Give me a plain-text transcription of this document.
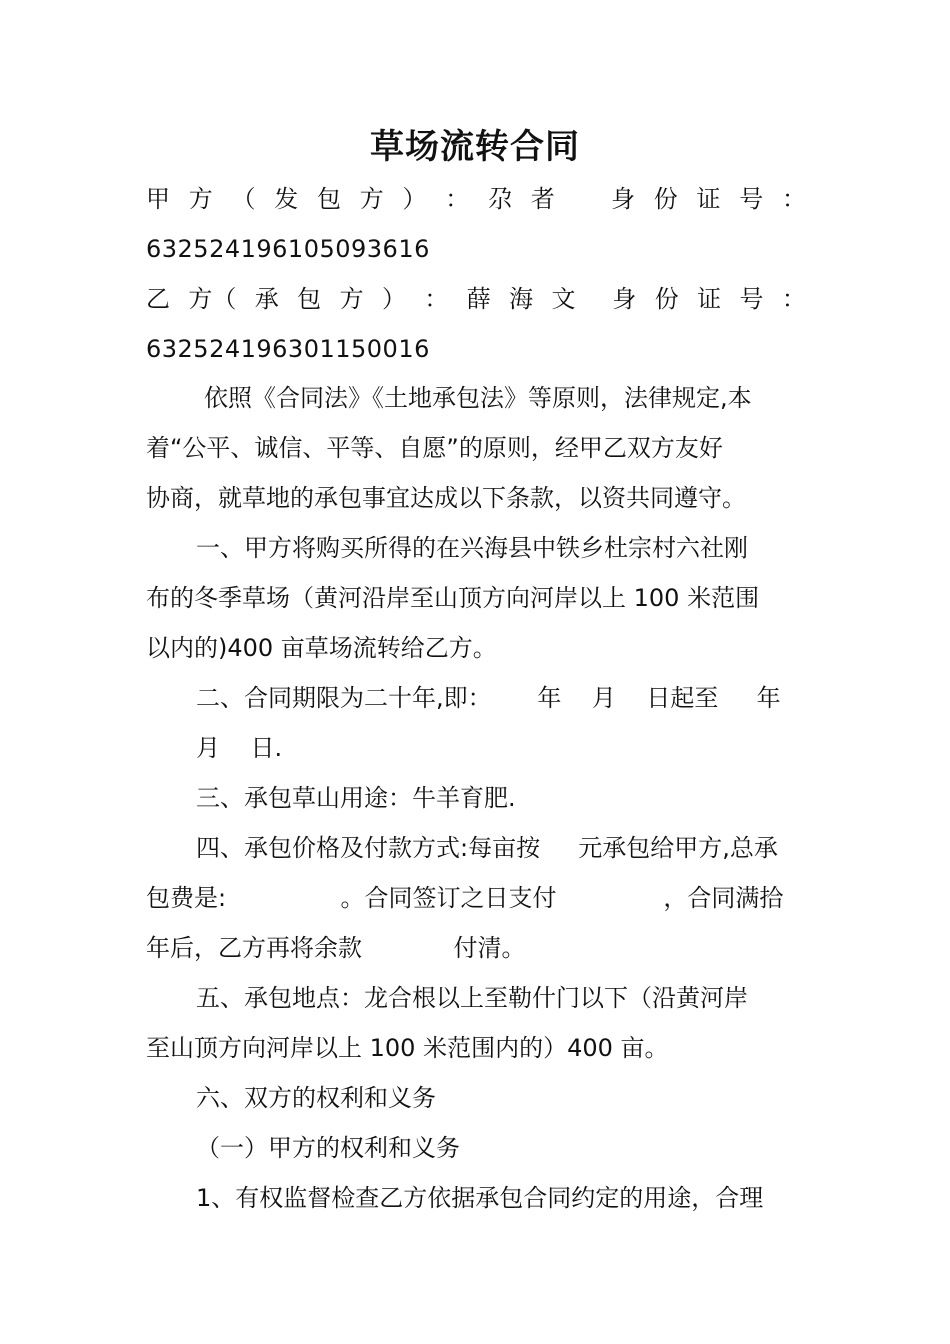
草场流转合同
甲 方 （ 发 包 方 ） ： 尕 者 身 份 证 号 ：
632524196105093616
乙 方（ 承 包 方 ） ： 薛 海 文 身 份 证 号 ：
632524196301150016
依照《合同法》《土地承包法》等原则，法律规定,本
着“公平、诚信、平等、自愿”的原则，经甲乙双方友好
协商，就草地的承包事宜达成以下条款，以资共同遵守。
一、甲方将购买所得的在兴海县中铁乡杜宗村六社刚
布的冬季草场（黄河沿岸至山顶方向河岸以上 100 米范围
以内的)400 亩草场流转给乙方。
二、合同期限为二十年,即：      年    月    日起至     年
月    日.
三、承包草山用途：牛羊育肥.
四、承包价格及付款方式:每亩按     元承包给甲方,总承
包费是:               。合同签订之日支付              ，合同满拾
年后，乙方再将余款            付清。
五、承包地点：龙合根以上至勒什门以下（沿黄河岸
至山顶方向河岸以上 100 米范围内的）400 亩。
六、双方的权利和义务
（一）甲方的权利和义务
1、有权监督检查乙方依据承包合同约定的用途，合理
